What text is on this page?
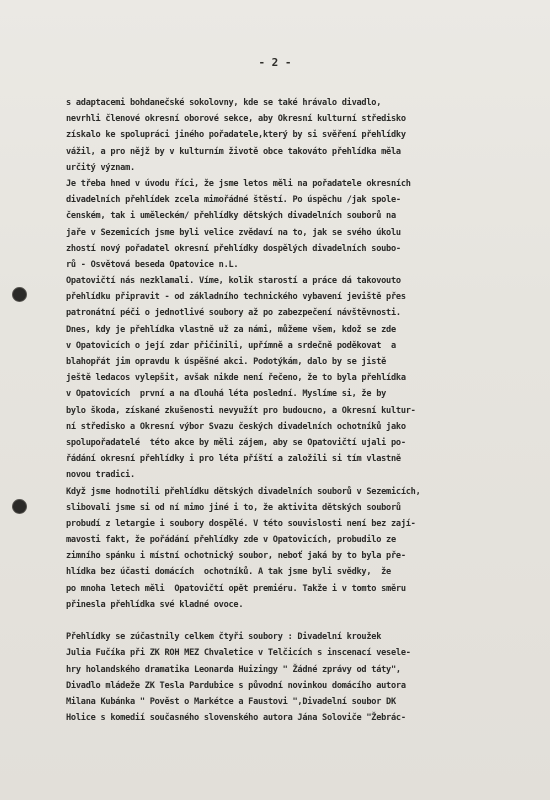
- 2 -
s adaptacemi bohdanečské sokolovny, kde se také hrávalo divadlo,
nevrhli členové okresní oborové sekce, aby Okresní kulturní středisko
získalo ke spolupráci jiného pořadatele,který by si svěření přehlídky
vážil, a pro nějž by v kulturním životě obce takováto přehlídka měla
určitý význam.
Je třeba hned v úvodu říci, že jsme letos měli na pořadatele okresních
divadelních přehlídek zcela mimořádné štěstí. Po úspěchu /jak spole-
čenském, tak i uměleckém/ přehlídky dětských divadelních souborů na
jaře v Sezemicích jsme byli velice zvědaví na to, jak se svého úkolu
zhostí nový pořadatel okresní přehlídky dospělých divadelních soubo-
rů - Osvětová beseda Opatovice n.L.
Opatovičtí nás nezklamali. Víme, kolik starostí a práce dá takovouto
přehlídku připravit - od základního technického vybavení jeviště přes
patronátní péči o jednotlivé soubory až po zabezpečení návštěvnosti.
Dnes, kdy je přehlídka vlastně už za námi, můžeme všem, kdož se zde
v Opatovicích o její zdar přičinili, upřímně a srdečně poděkovat  a
blahopřát jim opravdu k úspěšné akci. Podotýkám, dalo by se jistě
ještě ledacos vylepšit, avšak nikde není řečeno, že to byla přehlídka
v Opatovicích  první a na dlouhá léta poslední. Myslíme si, že by
bylo škoda, získané zkušenosti nevyužít pro budoucno, a Okresní kultur-
ní středisko a Okresní výbor Svazu českých divadelních ochotníků jako
spolupořadatelé  této akce by měli zájem, aby se Opatovičtí ujali po-
řádání okresní přehlídky i pro léta příští a založili si tím vlastně
novou tradici.
Když jsme hodnotili přehlídku dětských divadelních souborů v Sezemicích,
slibovali jsme si od ní mimo jiné i to, že aktivita dětských souborů
probudí z letargie i soubory dospělé. V této souvislosti není bez zají-
mavosti fakt, že pořádání přehlídky zde v Opatovicích, probudilo ze
zimního spánku i místní ochotnický soubor, neboť jaká by to byla pře-
hlídka bez účasti domácích  ochotníků. A tak jsme byli svědky,  že
po mnoha letech měli  Opatovičtí opět premiéru. Takže i v tomto směru
přinesla přehlídka své kladné ovoce.
Přehlídky se zúčastnily celkem čtyři soubory : Divadelní kroužek
Julia Fučíka při ZK ROH MEZ Chvaletice v Telčicích s inscenací vesele-
hry holandského dramatika Leonarda Huizingy " Žádné zprávy od táty",
Divadlo mládeže ZK Tesla Pardubice s původní novinkou domácího autora
Milana Kubánka " Pověst o Markétce a Faustovi ",Divadelní soubor DK
Holice s komedií současného slovenského autora Jána Soloviče "Žebrác-
